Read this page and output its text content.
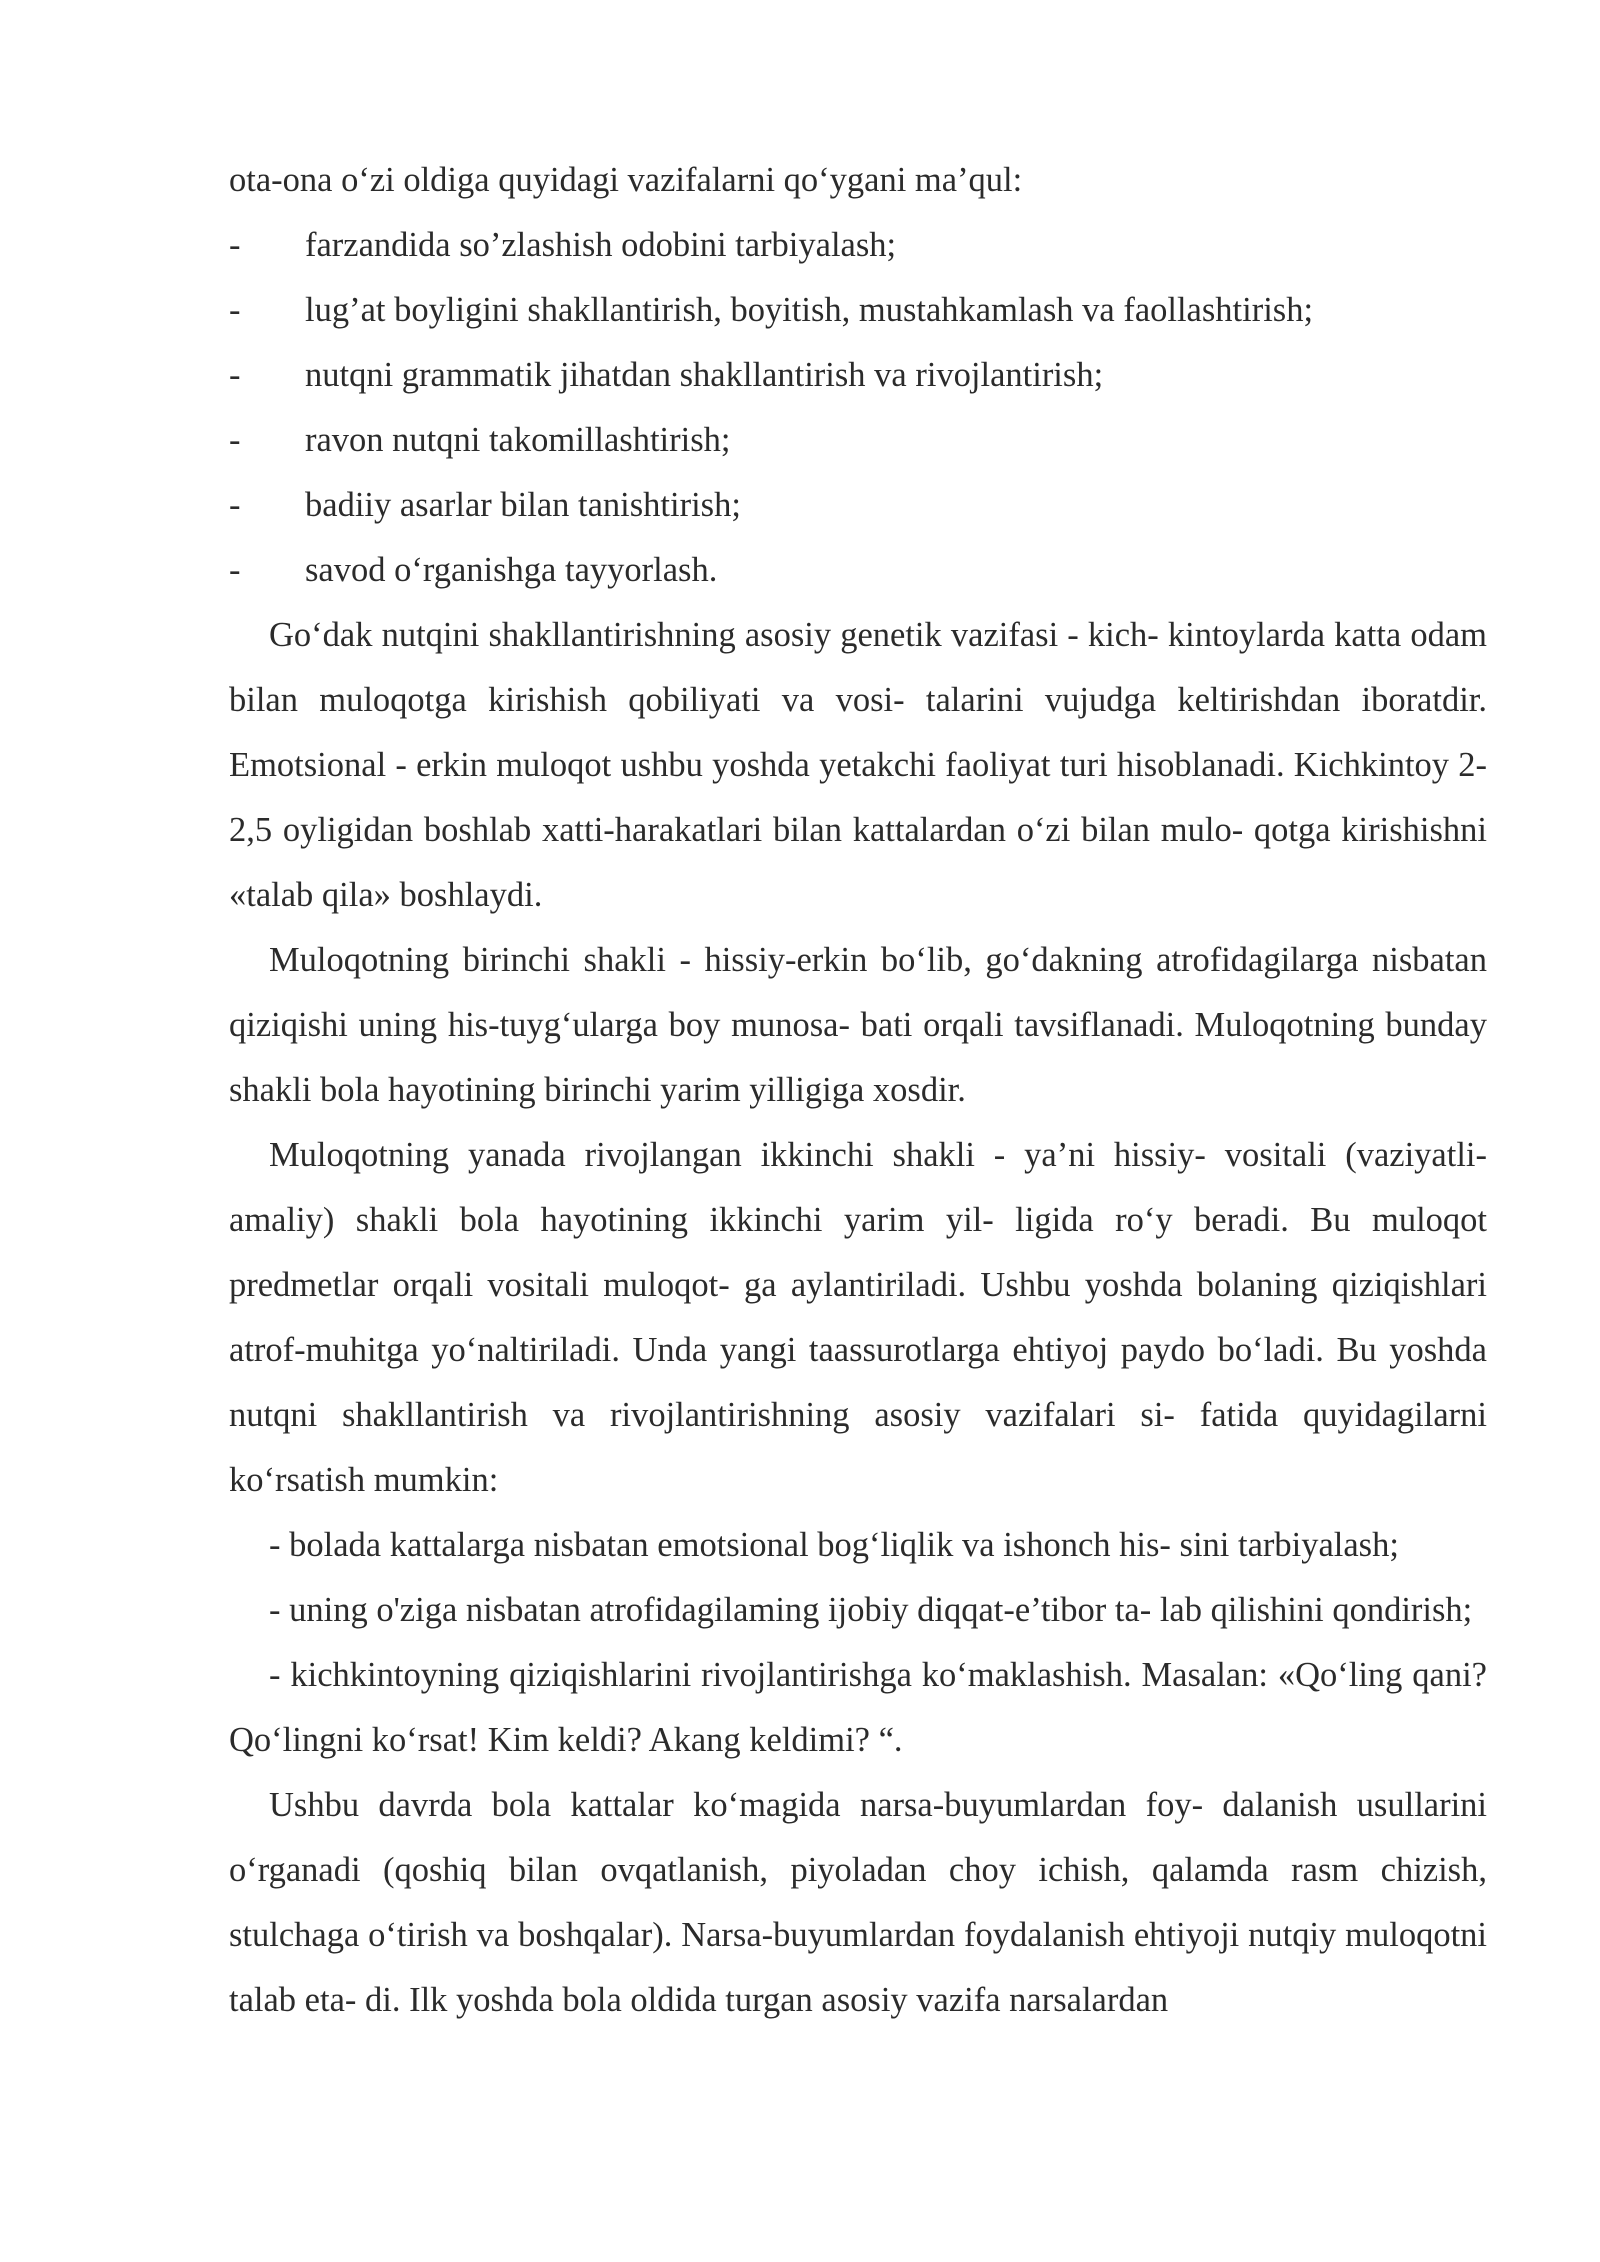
ota-ona o‘zi oldiga quyidagi vazifalarni qo‘ygani ma’qul:

-	farzandida so’zlashish odobini tarbiyalash;
-	lug’at boyligini shakllantirish, boyitish, mustahkamlash va faollashtirish;
-	nutqni grammatik jihatdan shakllantirish va rivojlantirish;
-	ravon nutqni takomillashtirish;
-	badiiy asarlar bilan tanishtirish;
-	savod o‘rganishga tayyorlash.

Go‘dak nutqini shakllantirishning asosiy genetik vazifasi - kich- kintoylarda katta odam bilan muloqotga kirishish qobiliyati va vosi- talarini vujudga keltirishdan iboratdir. Emotsional - erkin muloqot ushbu yoshda yetakchi faoliyat turi hisoblanadi. Kichkintoy 2-2,5 oyligidan boshlab xatti-harakatlari bilan kattalardan o‘zi bilan mulo- qotga kirishishni «talab qila» boshlaydi.

Muloqotning birinchi shakli - hissiy-erkin bo‘lib, go‘dakning atrofidagilarga nisbatan qiziqishi uning his-tuyg‘ularga boy munosa- bati orqali tavsiflanadi. Muloqotning bunday shakli bola hayotining birinchi yarim yilligiga xosdir.

Muloqotning yanada rivojlangan ikkinchi shakli - ya’ni hissiy- vositali (vaziyatli-amaliy) shakli bola hayotining ikkinchi yarim yil- ligida ro‘y beradi. Bu muloqot predmetlar orqali vositali muloqot- ga aylantiriladi. Ushbu yoshda bolaning qiziqishlari atrof-muhitga yo‘naltiriladi. Unda yangi taassurotlarga ehtiyoj paydo bo‘ladi. Bu yoshda nutqni shakllantirish va rivojlantirishning asosiy vazifalari si- fatida quyidagilarni ko‘rsatish mumkin:

- bolada kattalarga nisbatan emotsional bog‘liqlik va ishonch his- sini tarbiyalash;

- uning o'ziga nisbatan atrofidagilaming ijobiy diqqat-e’tibor ta- lab qilishini qondirish;

- kichkintoyning qiziqishlarini rivojlantirishga ko‘maklashish. Masalan: «Qo‘ling qani? Qo‘lingni ko‘rsat! Kim keldi? Akang keldimi? “.

Ushbu davrda bola kattalar ko‘magida narsa-buyumlardan foy- dalanish usullarini o‘rganadi (qoshiq bilan ovqatlanish, piyoladan choy ichish, qalamda rasm chizish, stulchaga o‘tirish va boshqalar). Narsa-buyumlardan foydalanish ehtiyoji nutqiy muloqotni talab eta- di. Ilk yoshda bola oldida turgan asosiy vazifa narsalardan
